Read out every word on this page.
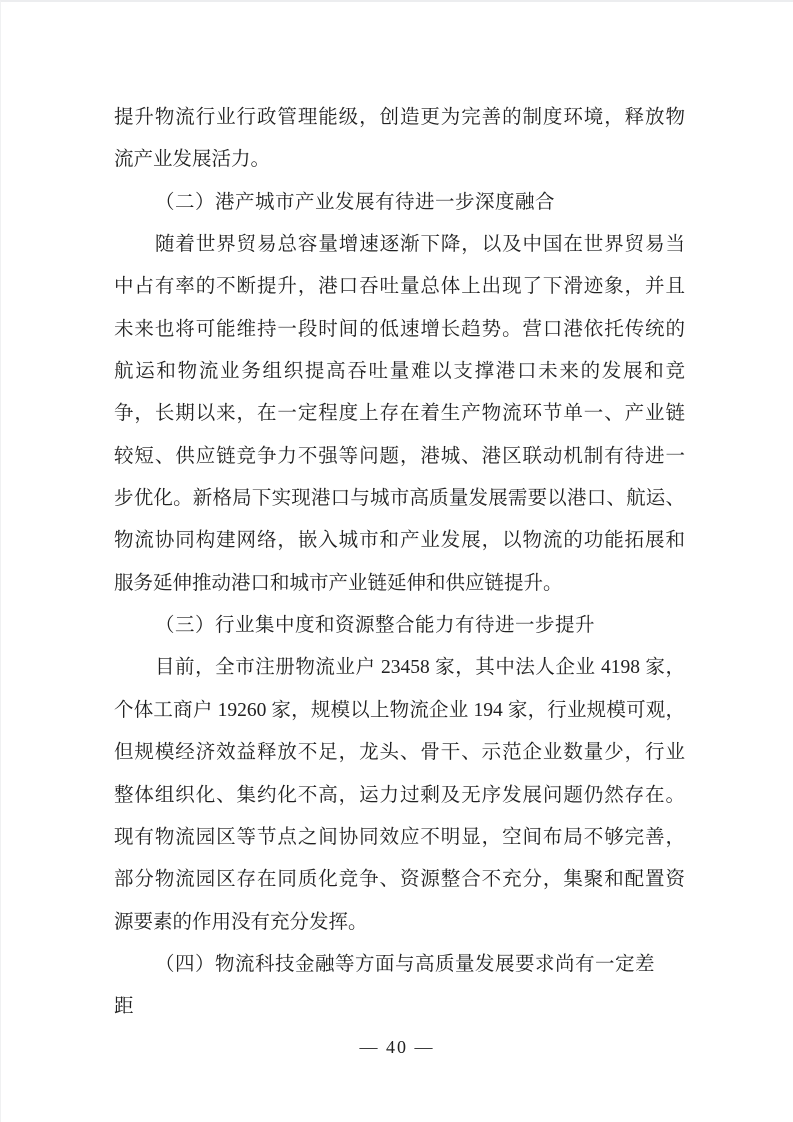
提升物流行业行政管理能级，创造更为完善的制度环境，释放物
流产业发展活力。
（二）港产城市产业发展有待进一步深度融合
随着世界贸易总容量增速逐渐下降，以及中国在世界贸易当
中占有率的不断提升，港口吞吐量总体上出现了下滑迹象，并且
未来也将可能维持一段时间的低速增长趋势。营口港依托传统的
航运和物流业务组织提高吞吐量难以支撑港口未来的发展和竞
争，长期以来，在一定程度上存在着生产物流环节单一、产业链
较短、供应链竞争力不强等问题，港城、港区联动机制有待进一
步优化。新格局下实现港口与城市高质量发展需要以港口、航运、
物流协同构建网络，嵌入城市和产业发展，以物流的功能拓展和
服务延伸推动港口和城市产业链延伸和供应链提升。
（三）行业集中度和资源整合能力有待进一步提升
目前，全市注册物流业户 23458 家，其中法人企业 4198 家，
个体工商户 19260 家，规模以上物流企业 194 家，行业规模可观，
但规模经济效益释放不足，龙头、骨干、示范企业数量少，行业
整体组织化、集约化不高，运力过剩及无序发展问题仍然存在。
现有物流园区等节点之间协同效应不明显，空间布局不够完善，
部分物流园区存在同质化竞争、资源整合不充分，集聚和配置资
源要素的作用没有充分发挥。
（四）物流科技金融等方面与高质量发展要求尚有一定差
距
— 40 —
